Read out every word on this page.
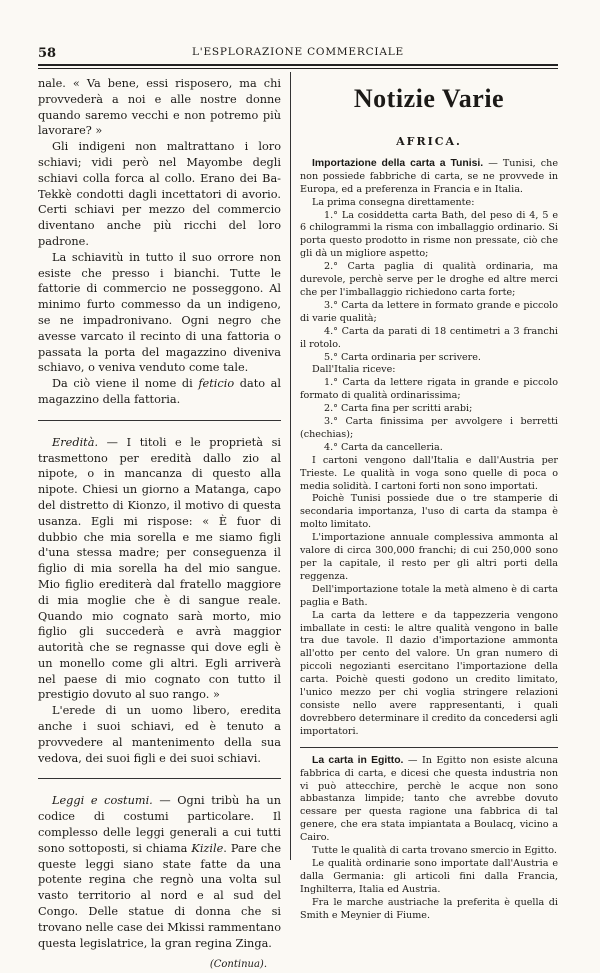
58	L'ESPLORAZIONE COMMERCIALE

nale. « Va bene, essi risposero, ma chi provvederà a noi e alle nostre donne quando saremo vecchi e non potremo più lavorare? »

Gli indigeni non maltrattano i loro schiavi; vidi però nel Mayombe degli schiavi colla forca al collo. Erano dei Ba-Tekkè condotti dagli incettatori di avorio. Certi schiavi per mezzo del commercio diventano anche più ricchi del loro padrone.

La schiavitù in tutto il suo orrore non esiste che presso i bianchi. Tutte le fattorie di commercio ne posseggono. Al minimo furto commesso da un indigeno, se ne impadronivano. Ogni negro che avesse varcato il recinto di una fattoria o passata la porta del magazzino diveniva schiavo, o veniva venduto come tale.

Da ciò viene il nome di feticio dato al magazzino della fattoria.

Eredità. — I titoli e le proprietà si trasmettono per eredità dallo zio al nipote, o in mancanza di questo alla nipote. Chiesi un giorno a Matanga, capo del distretto di Kionzo, il motivo di questa usanza. Egli mi rispose: « È fuor di dubbio che mia sorella e me siamo figli d'una stessa madre; per conseguenza il figlio di mia sorella ha del mio sangue. Mio figlio erediterà dal fratello maggiore di mia moglie che è di sangue reale. Quando mio cognato sarà morto, mio figlio gli succederà e avrà maggior autorità che se regnasse qui dove egli è un monello come gli altri. Egli arriverà nel paese di mio cognato con tutto il prestigio dovuto al suo rango. »

L'erede di un uomo libero, eredita anche i suoi schiavi, ed è tenuto a provvedere al mantenimento della sua vedova, dei suoi figli e dei suoi schiavi.

Leggi e costumi. — Ogni tribù ha un codice di costumi particolare. Il complesso delle leggi generali a cui tutti sono sottoposti, si chiama Kizile. Pare che queste leggi siano state fatte da una potente regina che regnò una volta sul vasto territorio al nord e al sud del Congo. Delle statue di donna che si trovano nelle case dei Mkissi rammentano questa legislatrice, la gran regina Zinga.

(Continua).

Notizie Varie
AFRICA.

Importazione della carta a Tunisi. — Tunisi, che non possiede fabbriche di carta, se ne provvede in Europa, ed a preferenza in Francia e in Italia.

La prima consegna direttamente:

1.° La cosiddetta carta Bath, del peso di 4, 5 e 6 chilogrammi la risma con imballaggio ordinario. Si porta questo prodotto in risme non pressate, ciò che gli dà un migliore aspetto;

2.° Carta paglia di qualità ordinaria, ma durevole, perchè serve per le droghe ed altre merci che per l'imballaggio richiedono carta forte;

3.° Carta da lettere in formato grande e piccolo di varie qualità;

4.° Carta da parati di 18 centimetri a 3 franchi il rotolo.

5.° Carta ordinaria per scrivere.

Dall'Italia riceve:

1.° Carta da lettere rigata in grande e piccolo formato di qualità ordinarissima;

2.° Carta fina per scritti arabi;

3.° Carta finissima per avvolgere i berretti (chechias);

4.° Carta da cancelleria.

I cartoni vengono dall'Italia e dall'Austria per Trieste. Le qualità in voga sono quelle di poca o media solidità. I cartoni forti non sono importati.

Poichè Tunisi possiede due o tre stamperie di secondaria importanza, l'uso di carta da stampa è molto limitato.

L'importazione annuale complessiva ammonta al valore di circa 300,000 franchi; di cui 250,000 sono per la capitale, il resto per gli altri porti della reggenza.

Dell'importazione totale la metà almeno è di carta paglia e Bath.

La carta da lettere e da tappezzeria vengono imballate in cesti: le altre qualità vengono in balle tra due tavole. Il dazio d'importazione ammonta all'otto per cento del valore. Un gran numero di piccoli negozianti esercitano l'importazione della carta. Poichè questi godono un credito limitato, l'unico mezzo per chi voglia stringere relazioni consiste nello avere rappresentanti, i quali dovrebbero determinare il credito da concedersi agli importatori.

La carta in Egitto. — In Egitto non esiste alcuna fabbrica di carta, e dicesi che questa industria non vi può attecchire, perchè le acque non sono abbastanza limpide; tanto che avrebbe dovuto cessare per questa ragione una fabbrica di tal genere, che era stata impiantata a Boulacq, vicino a Cairo.

Tutte le qualità di carta trovano smercio in Egitto.

Le qualità ordinarie sono importate dall'Austria e dalla Germania: gli articoli fini dalla Francia, Inghilterra, Italia ed Austria.

Fra le marche austriache la preferita è quella di Smith e Meynier di Fiume.
